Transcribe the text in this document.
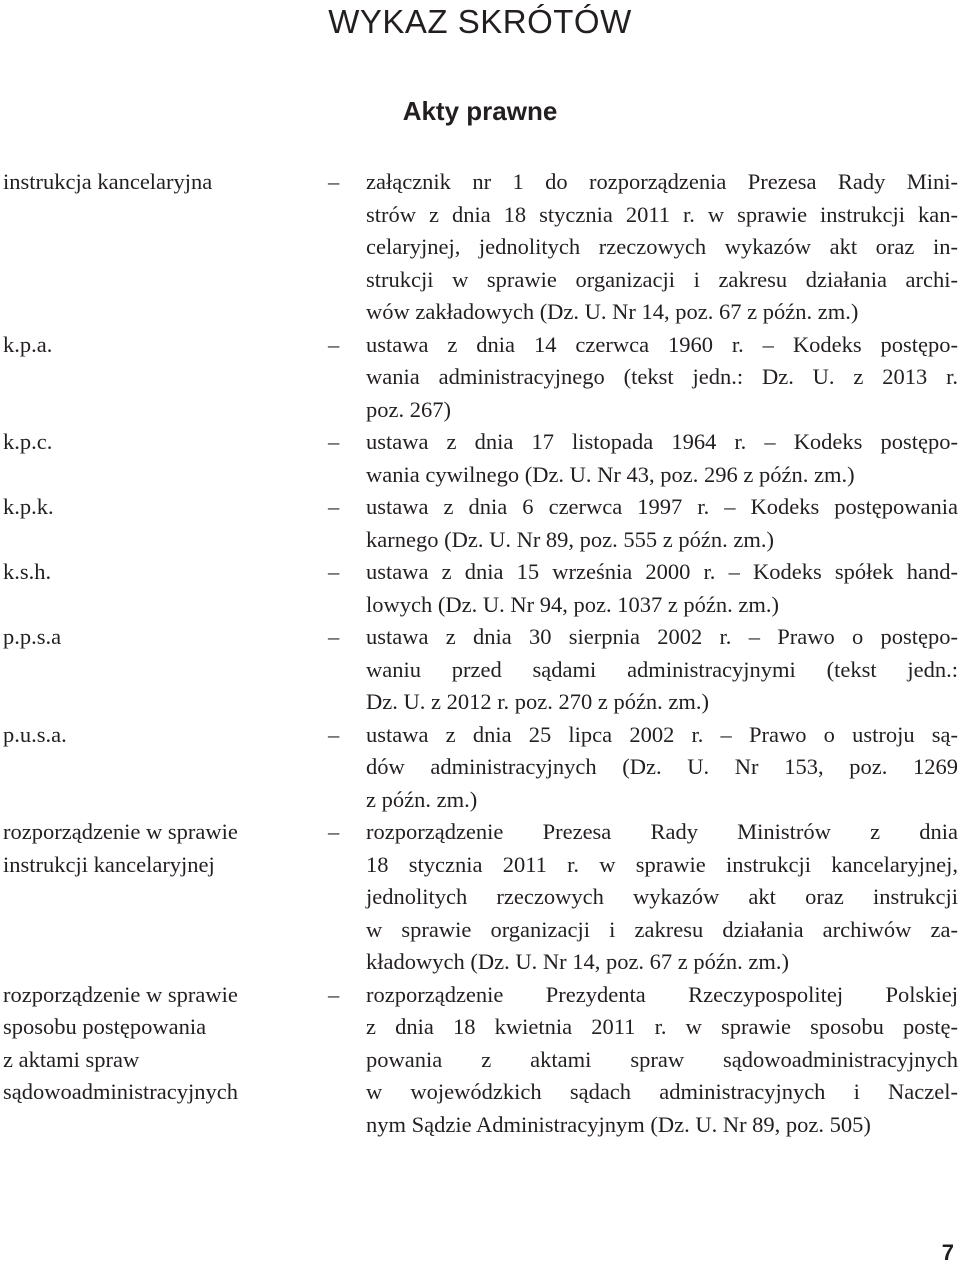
WYKAZ SKRÓTÓW
Akty prawne
instrukcja kancelaryjna	– załącznik nr 1 do rozporządzenia Prezesa Rady Mini-
strów z dnia 18 stycznia 2011 r. w sprawie instrukcji kan-
celaryjnej, jednolitych rzeczowych wykazów akt oraz in-
strukcji w sprawie organizacji i zakresu działania archi-
wów zakładowych (Dz. U. Nr 14, poz. 67 z późn. zm.)
k.p.a.	– ustawa z dnia 14 czerwca 1960 r. – Kodeks postępo-
wania administracyjnego (tekst jedn.: Dz. U. z 2013 r.
poz. 267)
k.p.c.	– ustawa z dnia 17 listopada 1964 r. – Kodeks postępo-
wania cywilnego (Dz. U. Nr 43, poz. 296 z późn. zm.)
k.p.k.	– ustawa z dnia 6 czerwca 1997 r. – Kodeks postępowania
karnego (Dz. U. Nr 89, poz. 555 z późn. zm.)
k.s.h.	– ustawa z dnia 15 września 2000 r. – Kodeks spółek hand-
lowych (Dz. U. Nr 94, poz. 1037 z późn. zm.)
p.p.s.a	– ustawa z dnia 30 sierpnia 2002 r. – Prawo o postępo-
waniu przed sądami administracyjnymi (tekst jedn.:
Dz. U. z 2012 r. poz. 270 z późn. zm.)
p.u.s.a.	– ustawa z dnia 25 lipca 2002 r. – Prawo o ustroju są-
dów administracyjnych (Dz. U. Nr 153, poz. 1269
z późn. zm.)
rozporządzenie w sprawie
instrukcji kancelaryjnej
– rozporządzenie Prezesa Rady Ministrów z dnia
18 stycznia 2011 r. w sprawie instrukcji kancelaryjnej,
jednolitych rzeczowych wykazów akt oraz instrukcji
w sprawie organizacji i zakresu działania archiwów za-
kładowych (Dz. U. Nr 14, poz. 67 z późn. zm.)
rozporządzenie w sprawie
sposobu postępowania
z aktami spraw
sądowoadministracyjnych
– rozporządzenie Prezydenta Rzeczypospolitej Polskiej
z dnia 18 kwietnia 2011 r. w sprawie sposobu postę-
powania z aktami spraw sądowoadministracyjnych
w wojewódzkich sądach administracyjnych i Naczel-
nym Sądzie Administracyjnym (Dz. U. Nr 89, poz. 505)
7
